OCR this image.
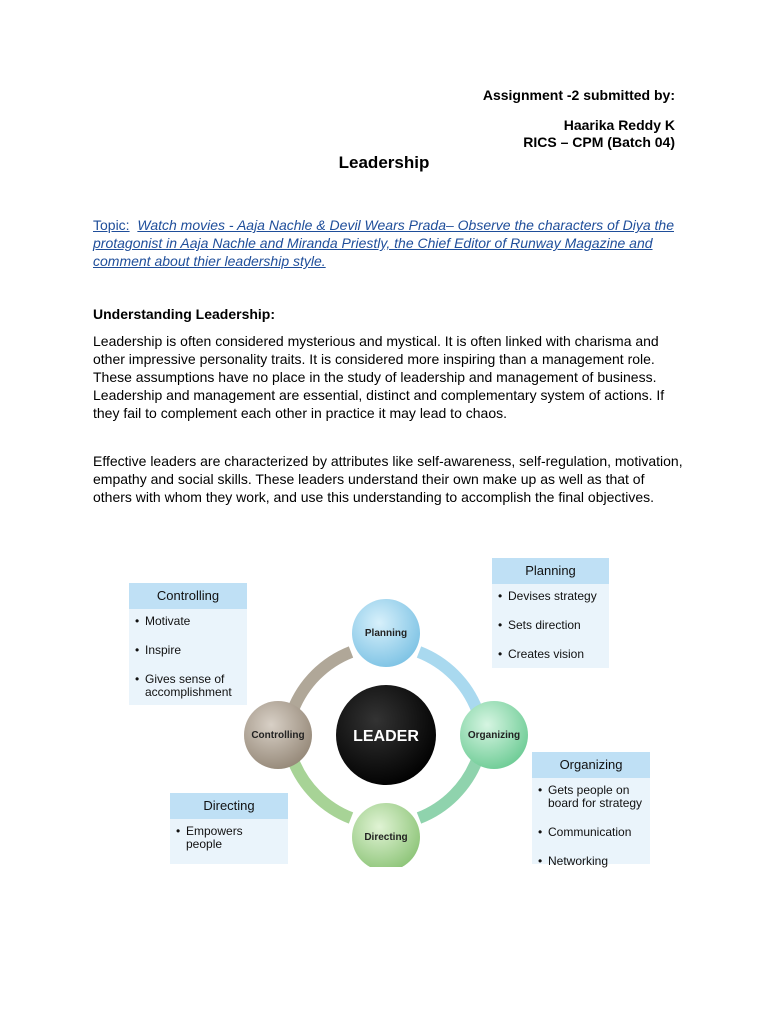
Assignment -2 submitted by:
Haarika Reddy K
RICS – CPM (Batch 04)
Leadership
Topic: Watch movies - Aaja Nachle & Devil Wears Prada– Observe the characters of Diya the protagonist in Aaja Nachle and Miranda Priestly, the Chief Editor of Runway Magazine and comment about thier leadership style.
Understanding Leadership:
Leadership is often considered mysterious and mystical. It is often linked with charisma and other impressive personality traits. It is considered more inspiring than a management role. These assumptions have no place in the study of leadership and management of business. Leadership and management are essential, distinct and complementary system of actions. If they fail to complement each other in practice it may lead to chaos.
Effective leaders are characterized by attributes like self-awareness, self-regulation, motivation, empathy and social skills. These leaders understand their own make up as well as that of others with whom they work, and use this understanding to accomplish the final objectives.
LEADER
Planning
Organizing
Directing
Controlling
Controlling
• Motivate
• Inspire
• Gives sense of accomplishment
Planning
• Devises strategy
• Sets direction
• Creates vision
Organizing
• Gets people on board for strategy
• Communication
• Networking
Directing
• Empowers people
